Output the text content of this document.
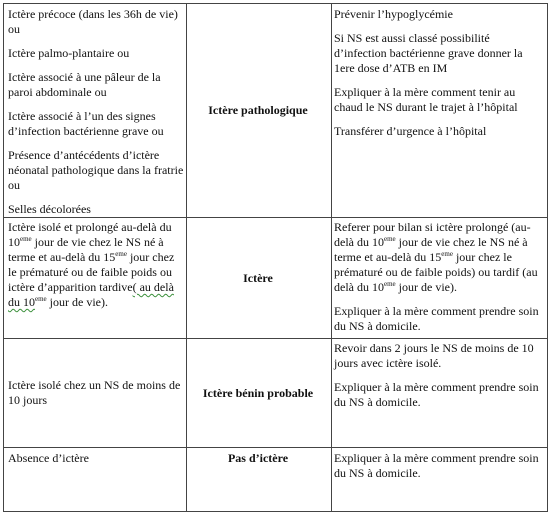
Ictère précoce (dans les 36h de vie) ou

Ictère palmo-plantaire ou

Ictère associé à une pâleur de la paroi abdominale ou

Ictère associé à l’un des signes d’infection bactérienne grave ou

Présence d’antécédents d’ictère néonatal pathologique dans la fratrie ou

Selles décolorées

Ictère pathologique

Prévenir l’hypoglycémie

Si NS est aussi classé possibilité d’infection bactérienne grave donner la 1ere dose d’ATB en IM

Expliquer à la mère comment tenir au chaud le NS durant le trajet à l’hôpital

Transférer d’urgence à l’hôpital

Ictère isolé et prolongé au-delà du 10eme jour de vie chez le NS né à terme et au-delà du 15eme jour chez le prématuré ou de faible poids ou ictère d’apparition tardive( au delà du 10eme jour de vie).

Ictère

Referer pour bilan si ictère prolongé (au-delà du 10eme jour de vie chez le NS né à terme et au-delà du 15eme jour chez le prématuré ou de faible poids) ou tardif (au delà du 10eme jour de vie).

Expliquer à la mère comment prendre soin du NS à domicile.

Ictère isolé chez un NS de moins de 10 jours

Ictère bénin probable

Revoir dans 2 jours le NS de moins de 10 jours avec ictère isolé.

Expliquer à la mère comment prendre soin du NS à domicile.

Absence d’ictère	Pas d’ictère	Expliquer à la mère comment prendre soin du NS à domicile.
